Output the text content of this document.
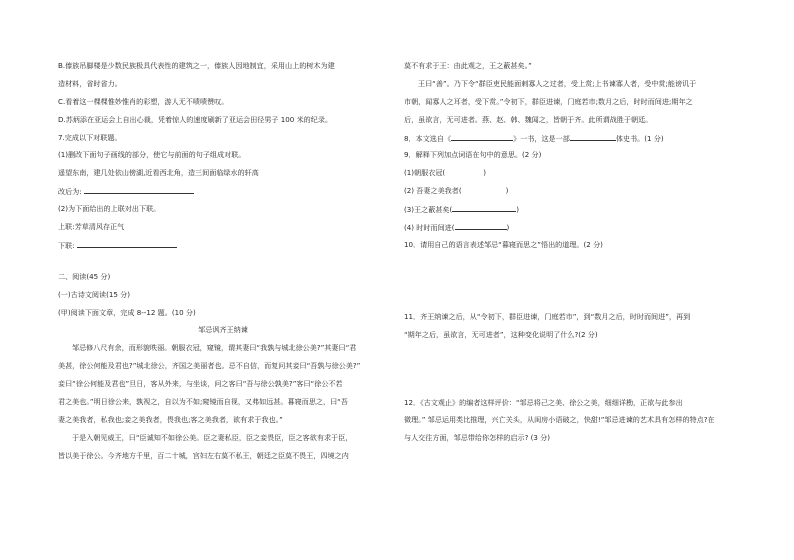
B.傣族吊脚楼是少数民族极具代表性的建筑之一，傣族人因地制宜，采用山上的树木为建
造材料，省时省力。
C.看着这一棵棵惟妙惟肖的彩塑，游人无不啧啧赞叹。
D.苏炳添在亚运会上自出心裁，凭着惊人的速度刷新了亚运会田径男子 100 米的纪录。
7.完成以下对联题。
(1)删改下面句子画线的部分，使它与前面的句子组成对联。
遥望东南，建几处依山傍湖,近看西北角，造三间面临绿水的轩高
改后为:
(2)为下面给出的上联对出下联。
上联:芳草清风存正气
下联:
二、阅读(45 分)
(一)古诗文阅读(15 分)
(甲)阅读下面文章，完成 8--12 题。(10 分)
邹忌讽齐王纳谏
邹忌修八尺有余，而形貌昳丽。朝服衣冠，窥镜，谓其妻曰“我孰与城北徐公美?”其妻曰“君
美甚，徐公何能及君也?”城北徐公，齐国之美丽者也。忌不自信，而复问其妾曰“吾孰与徐公美?”
妾曰“徐公何能及君也”旦日，客从外来，与坐谈，问之客曰“吾与徐公孰美?”客曰“徐公不若
君之美也。”明日徐公来，孰视之，自以为不如;窥镜而自视，又弗如远甚。暮寝而思之，曰“吾
妻之美我者，私我也;妾之美我者，畏我也;客之美我者，欲有求于我也。”
于是入朝见威王，曰“臣诚知不如徐公美。臣之妻私臣，臣之妾畏臣，臣之客欲有求于臣，
皆以美于徐公。今齐地方千里，百二十城，宫妇左右莫不私王，朝廷之臣莫不畏王，四境之内
莫不有求于王：由此观之，王之蔽甚矣。”
王曰“善”。乃下令“群臣吏民能面刺寡人之过者，受上赏;上书谏寡人者，受中赏;能谤讥于
市朝，闻寡人之耳者，受下赏。”令初下，群臣进谏，门庭若市;数月之后，时时而间进;期年之
后，虽欲言，无可进者。燕、赵、韩、魏闻之，皆朝于齐。此所谓战胜于朝廷。
8．本文选自《	》一书，这是一部	体史书。(1 分)
9．解释下列加点词语在句中的意思。(2 分)
(1)朝服衣冠(	)
(2) 吾妻之美我者(	)
(3)王之蔽甚矣(	)
(4) 时时而间进(	)
10．请用自己的语言表述邹忌“暮寝而思之”悟出的道理。(2 分)
11．齐王纳谏之后，从“令初下，群臣进谏，门庭若市”，到“数月之后，时时而间进”，再到
“期年之后，虽欲言，无可进者”，这种变化说明了什么?(2 分)
12．《古文观止》的编者这样评价：“邹忌将己之美、徐公之美，细细详勘，正欲与此参出
微理。” 邹忌运用类比推理，兴亡关头，从闺房小语破之，快甜!”邹忌进谏的艺术具有怎样的特点?在
与人交往方面，邹忌带给你怎样的启示? (3 分)
